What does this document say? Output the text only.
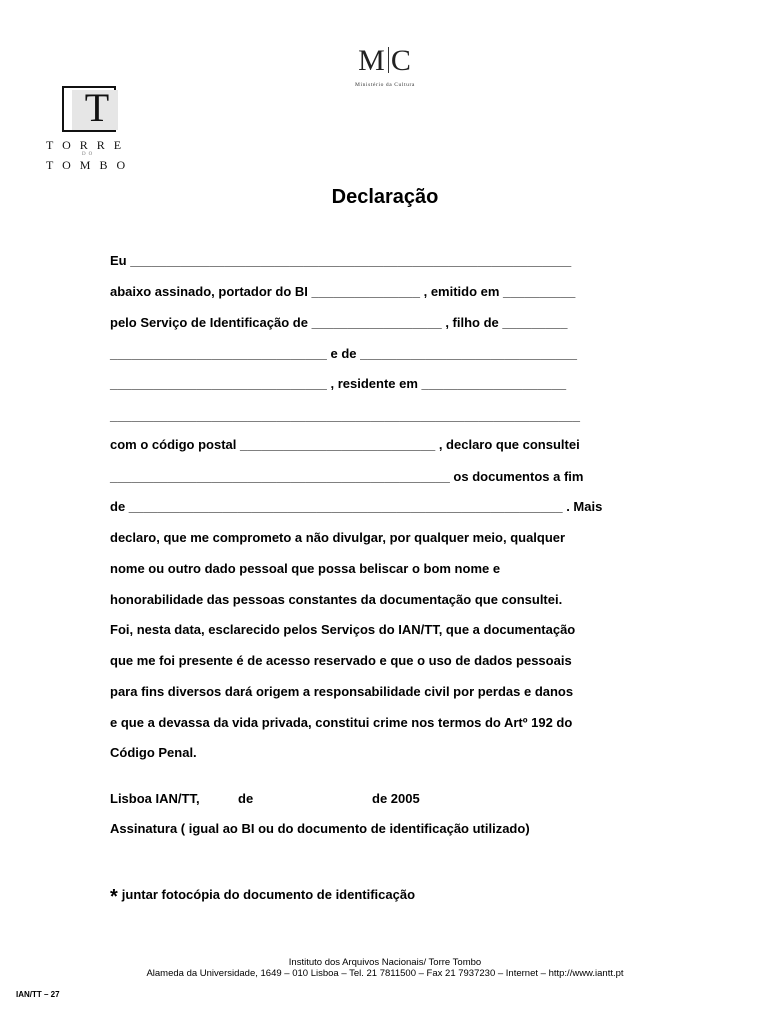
M C
Ministério da Cultura
T
TORRE
DO
TOMBO
Declaração
Eu _____________________________________________________________
abaixo assinado, portador do BI _______________ , emitido em __________
pelo Serviço de Identificação de __________________ , filho de _________
______________________________ e de ______________________________
______________________________ , residente em ____________________
_________________________________________________________________
com o código postal ___________________________ , declaro que consultei
_______________________________________________ os documentos a fim
de ____________________________________________________________ . Mais
declaro, que me comprometo a não divulgar, por qualquer meio, qualquer
nome ou outro dado pessoal que possa beliscar o bom nome e
honorabilidade das pessoas constantes da documentação que consultei.
Foi, nesta data, esclarecido pelos Serviços do IAN/TT, que a documentação
que me foi presente é de acesso reservado e que o uso de dados pessoais
para fins diversos dará origem a responsabilidade civil por perdas e danos
e que a devassa da vida privada, constitui crime nos termos do Artº 192 do
Código Penal.
Lisboa IAN/TT,	de	de 2005
Assinatura ( igual ao BI ou do documento de identificação utilizado)
* juntar fotocópia do documento de identificação
Instituto dos Arquivos Nacionais/ Torre Tombo
Alameda da Universidade, 1649 – 010 Lisboa – Tel. 21 7811500 – Fax 21 7937230 – Internet – http://www.iantt.pt
IAN/TT – 27
